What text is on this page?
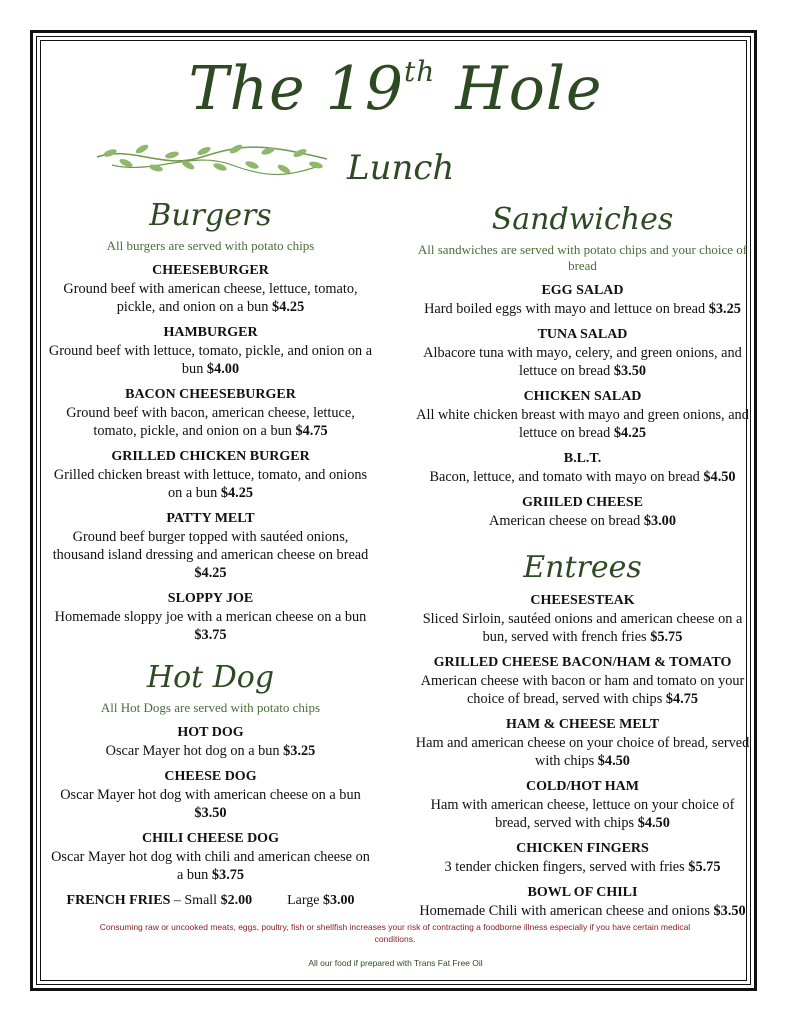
The 19th Hole
Lunch
Burgers
All burgers are served with potato chips
CHEESEBURGER
Ground beef with american cheese, lettuce, tomato, pickle, and onion on a bun $4.25
HAMBURGER
Ground beef with lettuce, tomato, pickle, and onion on a bun $4.00
BACON CHEESEBURGER
Ground beef with bacon, american cheese, lettuce, tomato, pickle, and onion on a bun $4.75
GRILLED CHICKEN BURGER
Grilled chicken breast with lettuce, tomato, and onions on a bun $4.25
PATTY MELT
Ground beef burger topped with sautéed onions, thousand island dressing and american cheese on bread $4.25
SLOPPY JOE
Homemade sloppy joe with a merican cheese on a bun $3.75
Hot Dog
All Hot Dogs are served with potato chips
HOT DOG
Oscar Mayer hot dog on a bun $3.25
CHEESE DOG
Oscar Mayer hot dog with american cheese on a bun $3.50
CHILI CHEESE DOG
Oscar Mayer hot dog with chili and american cheese on a bun $3.75
FRENCH FRIES – Small $2.00	Large $3.00
Sandwiches
All sandwiches are served with potato chips and your choice of bread
EGG SALAD
Hard boiled eggs with mayo and lettuce on bread $3.25
TUNA SALAD
Albacore tuna with mayo, celery, and green onions, and lettuce on bread $3.50
CHICKEN SALAD
All white chicken breast with mayo and green onions, and lettuce on bread $4.25
B.L.T.
Bacon, lettuce, and tomato with mayo on bread $4.50
GRIILED CHEESE
American cheese on bread $3.00
Entrees
CHEESESTEAK
Sliced Sirloin, sautéed onions and american cheese on a bun, served with french fries $5.75
GRILLED CHEESE BACON/HAM & TOMATO
American cheese with bacon or ham and tomato on your choice of bread, served with chips $4.75
HAM & CHEESE MELT
Ham and american cheese on your choice of bread, served with chips $4.50
COLD/HOT HAM
Ham with american cheese, lettuce on your choice of bread, served with chips $4.50
CHICKEN FINGERS
3 tender chicken fingers, served with fries $5.75
BOWL OF CHILI
Homemade Chili with american cheese and onions $3.50
Consuming raw or uncooked meats, eggs, poultry, fish or shellfish increases your risk of contracting a foodborne illness especially if you have certain medical conditions.
All our food if prepared with Trans Fat Free Oil
